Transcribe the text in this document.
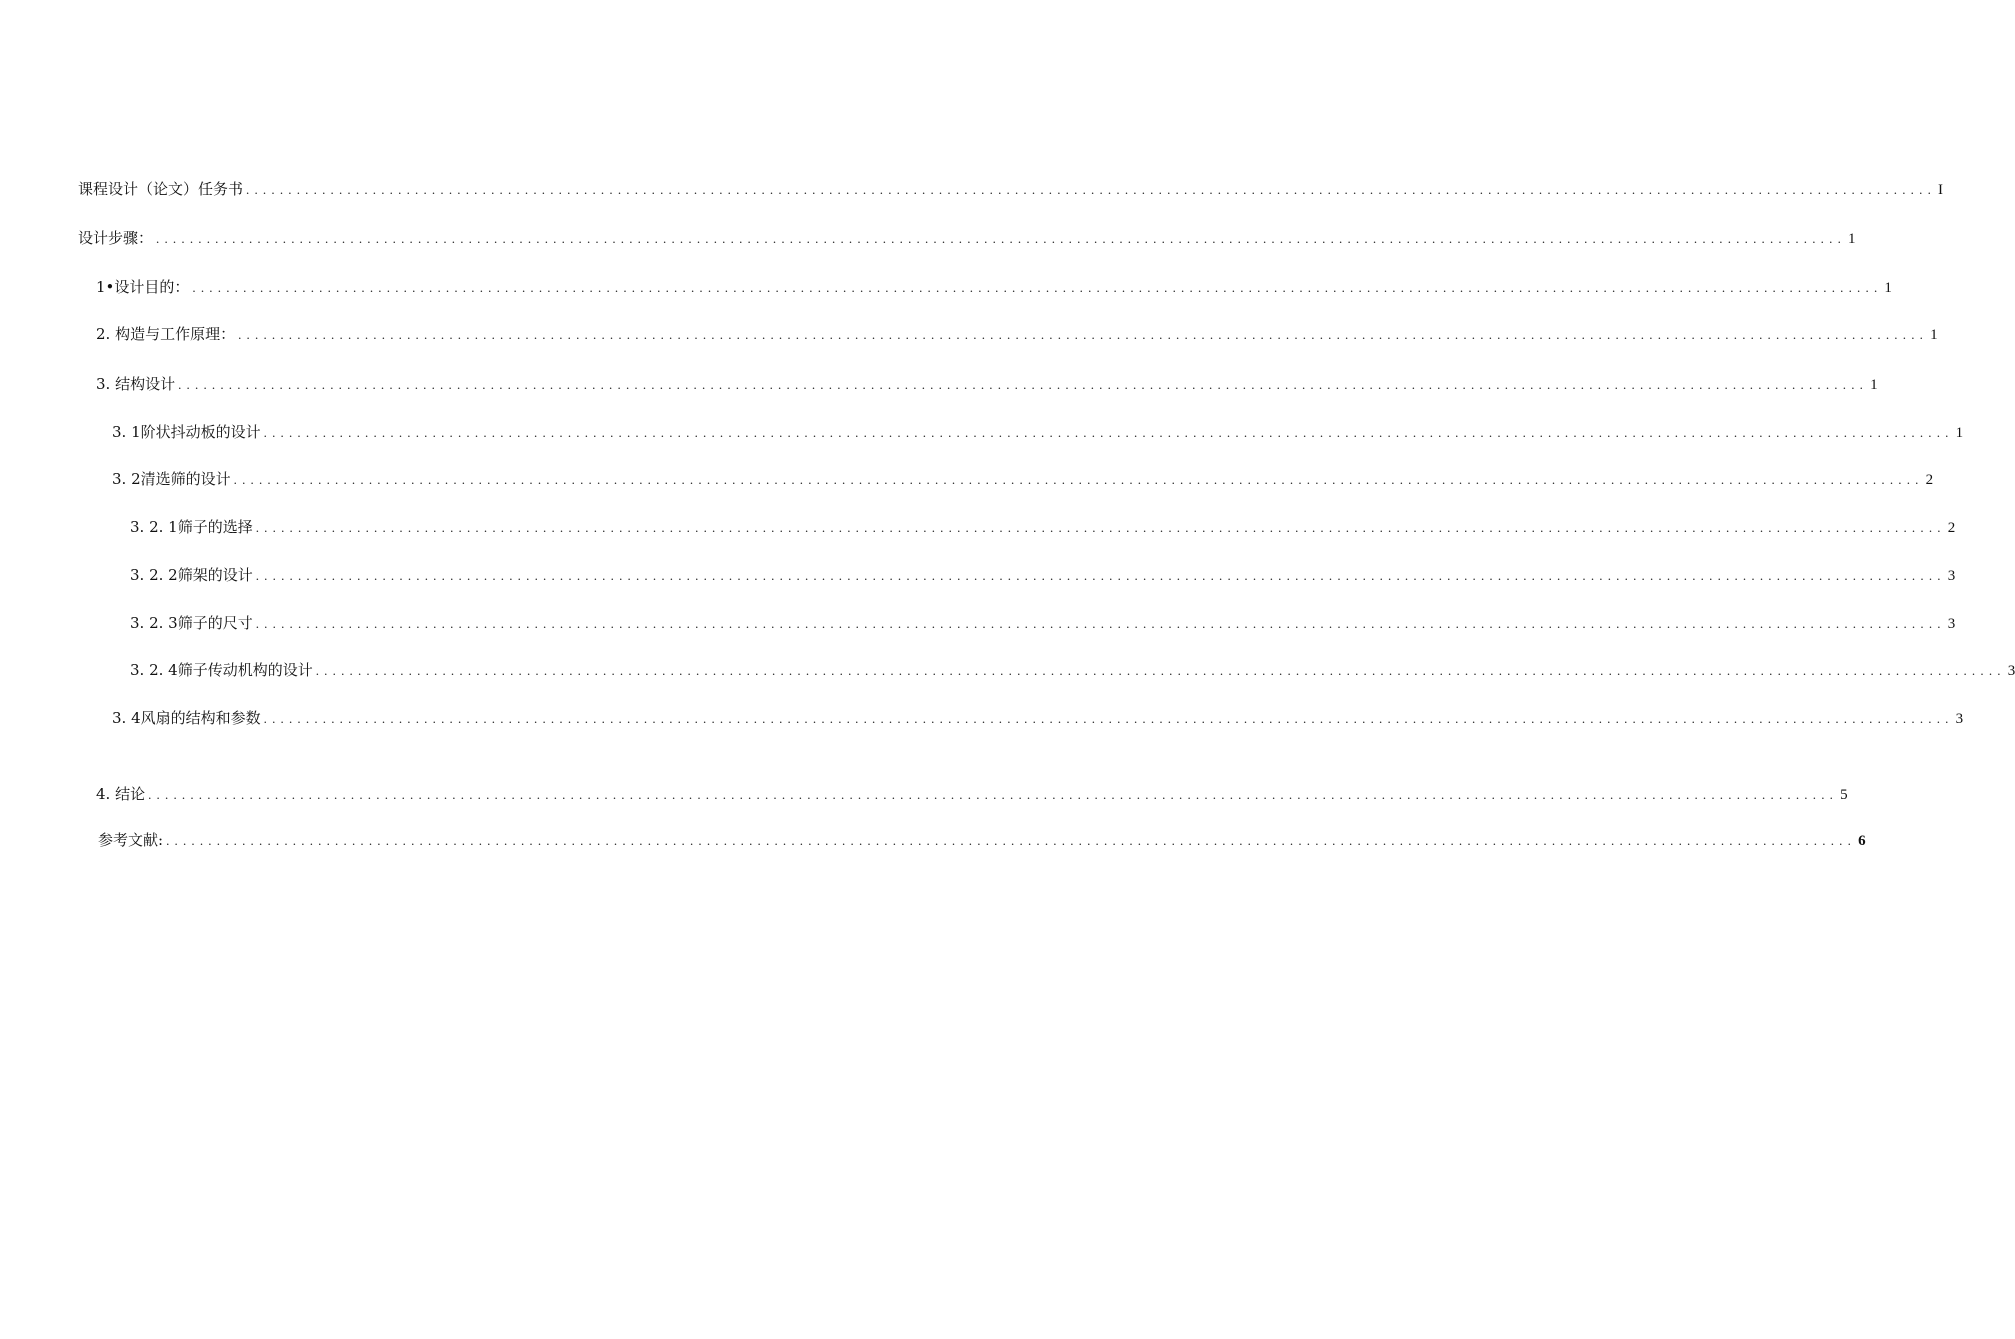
课程设计（论文）任务书 ........................................................................................................................................................................................................ I
设计步骤： ........................................................................................................................................................................................................ 1
1•设计目的： ........................................................................................................................................................................................................ 1
2. 构造与工作原理： ........................................................................................................................................................................................................ 1
3. 结构设计 ........................................................................................................................................................................................................ 1
3. 1阶状抖动板的设计 ........................................................................................................................................................................................................ 1
3. 2清选筛的设计 ........................................................................................................................................................................................................ 2
3. 2. 1筛子的选择 ........................................................................................................................................................................................................ 2
3. 2. 2筛架的设计 ........................................................................................................................................................................................................ 3
3. 2. 3筛子的尺寸 ........................................................................................................................................................................................................ 3
3. 2. 4筛子传动机构的设计 ........................................................................................................................................................................................................ 3
3. 4风扇的结构和参数 ........................................................................................................................................................................................................ 3
4. 结论 ........................................................................................................................................................................................................ 5
参考文献: ........................................................................................................................................................................................................ 6
